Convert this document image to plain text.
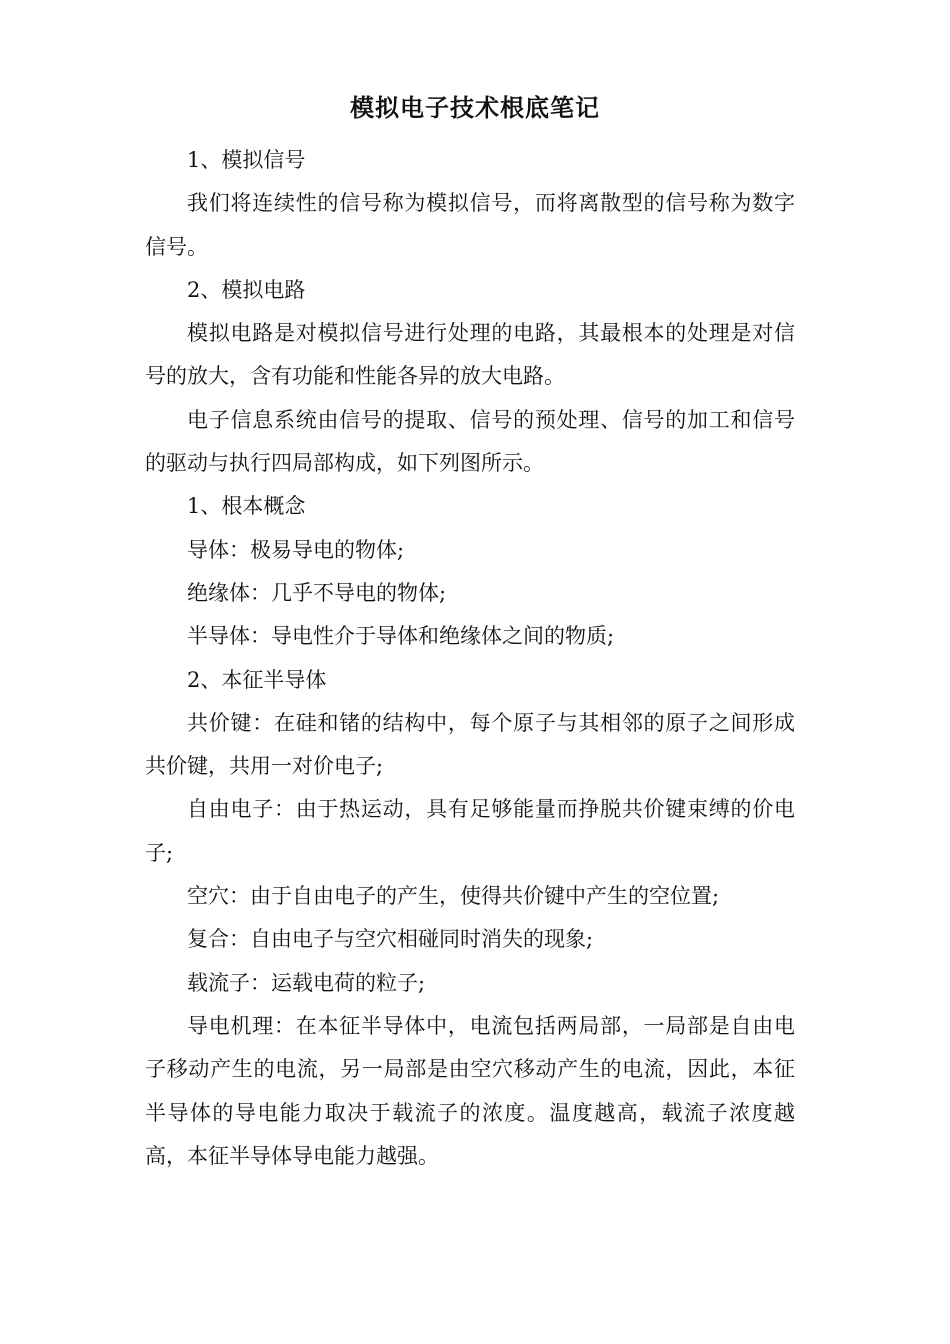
模拟电子技术根底笔记

1、模拟信号

我们将连续性的信号称为模拟信号，而将离散型的信号称为数字信号。

2、模拟电路

模拟电路是对模拟信号进行处理的电路，其最根本的处理是对信号的放大，含有功能和性能各异的放大电路。

电子信息系统由信号的提取、信号的预处理、信号的加工和信号的驱动与执行四局部构成，如下列图所示。

1、根本概念

导体：极易导电的物体;

绝缘体：几乎不导电的物体;

半导体：导电性介于导体和绝缘体之间的物质;

2、本征半导体

共价键：在硅和锗的结构中，每个原子与其相邻的原子之间形成共价键，共用一对价电子;

自由电子：由于热运动，具有足够能量而挣脱共价键束缚的价电子;

空穴：由于自由电子的产生，使得共价键中产生的空位置;

复合：自由电子与空穴相碰同时消失的现象;

载流子：运载电荷的粒子;

导电机理：在本征半导体中，电流包括两局部，一局部是自由电子移动产生的电流，另一局部是由空穴移动产生的电流，因此，本征半导体的导电能力取决于载流子的浓度。温度越高，载流子浓度越高，本征半导体导电能力越强。
